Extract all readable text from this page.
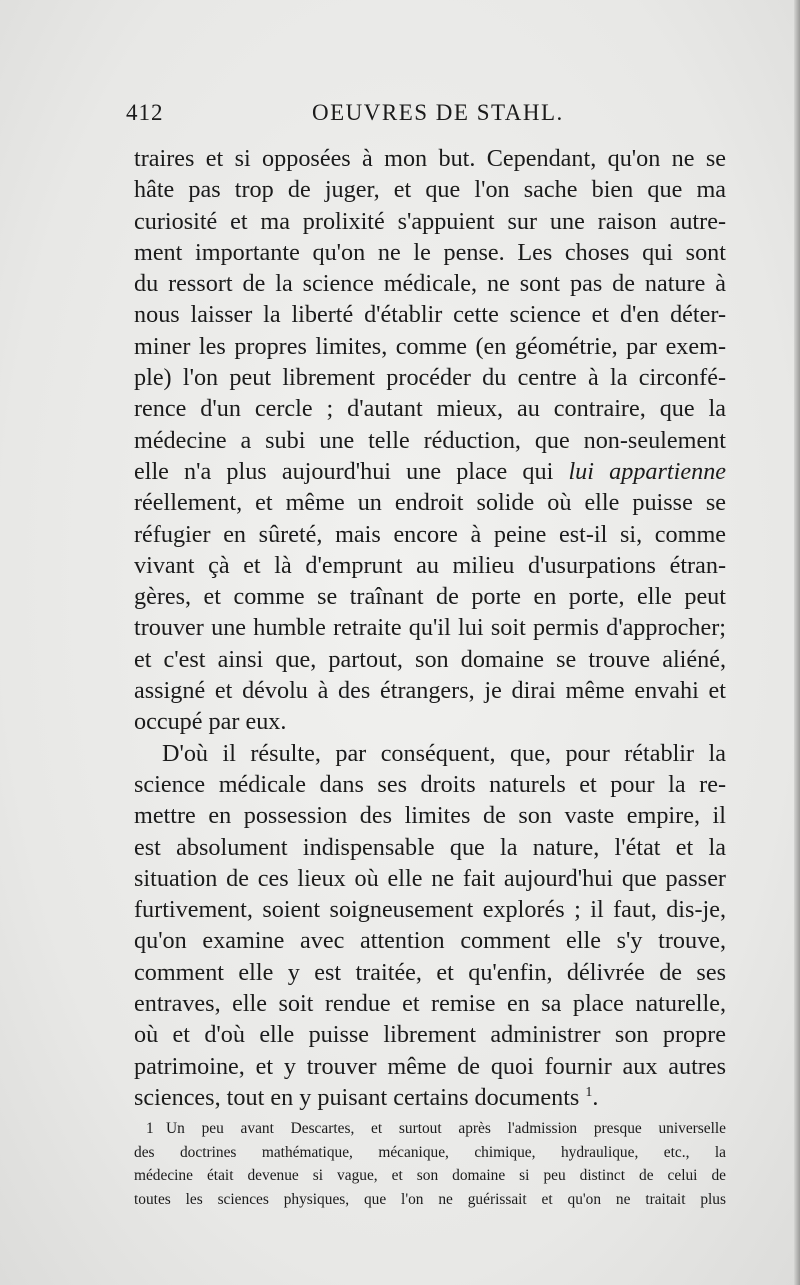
412	OEUVRES DE STAHL.
traires et si opposées à mon but. Cependant, qu'on ne se
hâte pas trop de juger, et que l'on sache bien que ma
curiosité et ma prolixité s'appuient sur une raison autre-
ment importante qu'on ne le pense. Les choses qui sont
du ressort de la science médicale, ne sont pas de nature à
nous laisser la liberté d'établir cette science et d'en déter-
miner les propres limites, comme (en géométrie, par exem-
ple) l'on peut librement procéder du centre à la circonfé-
rence d'un cercle ; d'autant mieux, au contraire, que la
médecine a subi une telle réduction, que non-seulement
elle n'a plus aujourd'hui une place qui lui appartienne
réellement, et même un endroit solide où elle puisse se
réfugier en sûreté, mais encore à peine est-il si, comme
vivant çà et là d'emprunt au milieu d'usurpations étran-
gères, et comme se traînant de porte en porte, elle peut
trouver une humble retraite qu'il lui soit permis d'approcher;
et c'est ainsi que, partout, son domaine se trouve aliéné,
assigné et dévolu à des étrangers, je dirai même envahi et
occupé par eux.
D'où il résulte, par conséquent, que, pour rétablir la
science médicale dans ses droits naturels et pour la re-
mettre en possession des limites de son vaste empire, il
est absolument indispensable que la nature, l'état et la
situation de ces lieux où elle ne fait aujourd'hui que passer
furtivement, soient soigneusement explorés ; il faut, dis-je,
qu'on examine avec attention comment elle s'y trouve,
comment elle y est traitée, et qu'enfin, délivrée de ses
entraves, elle soit rendue et remise en sa place naturelle,
où et d'où elle puisse librement administrer son propre
patrimoine, et y trouver même de quoi fournir aux autres
sciences, tout en y puisant certains documents $^1$.
1 Un peu avant Descartes, et surtout après l'admission presque universelle
des doctrines mathématique, mécanique, chimique, hydraulique, etc., la
médecine était devenue si vague, et son domaine si peu distinct de celui de
toutes les sciences physiques, que l'on ne guérissait et qu'on ne traitait plus
